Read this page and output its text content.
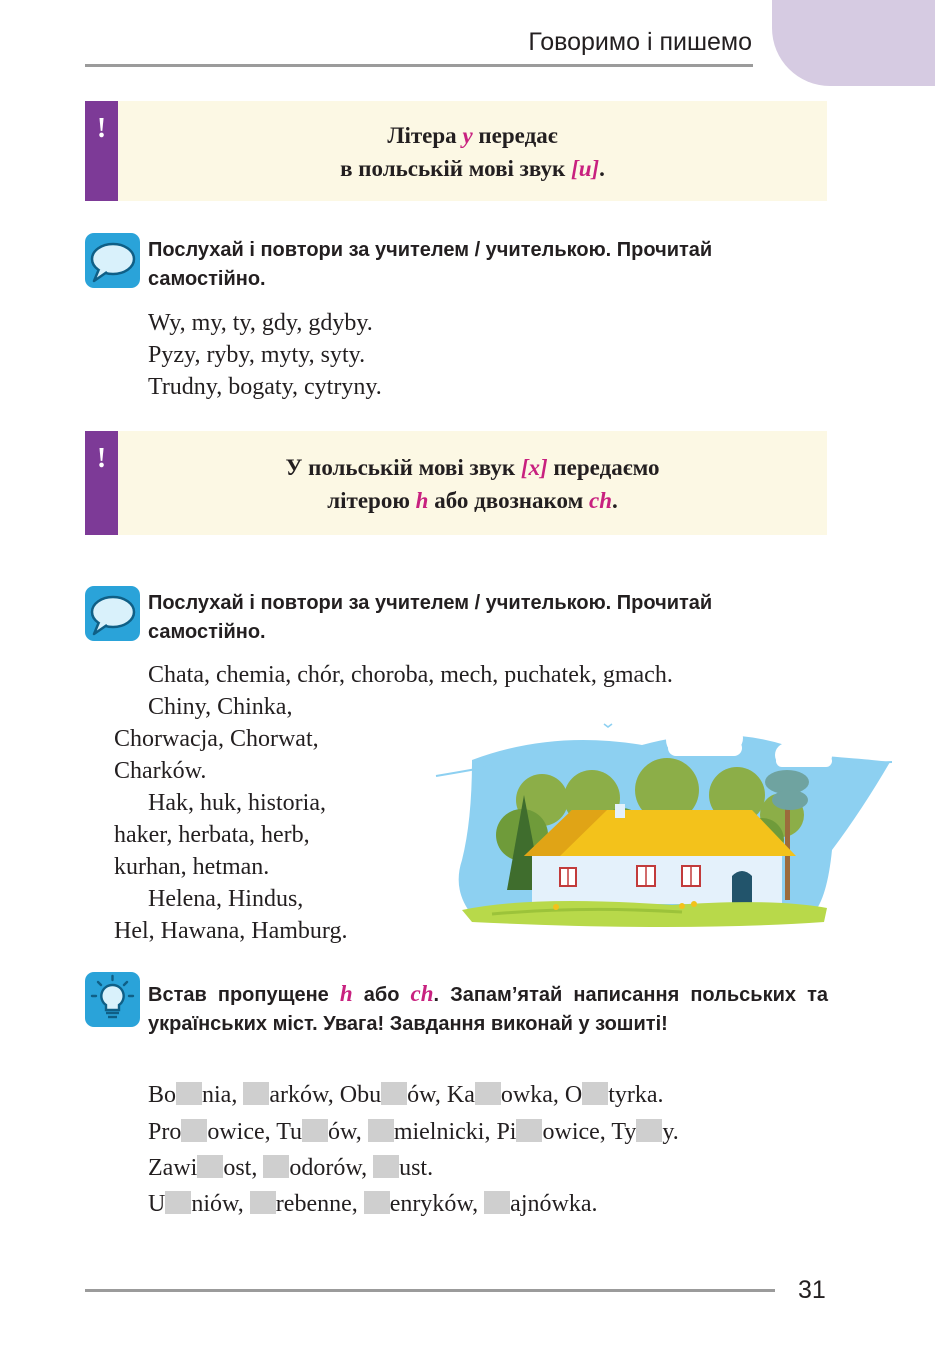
Говоримо і пишемо
!	Літера y передає
в польській мові звук [и].
Послухай і повтори за учителем / учителькою. Прочитай самостійно.
Wy, my, ty, gdy, gdyby.
Pyzy, ryby, myty, syty.
Trudny, bogaty, cytryny.
!	У польській мові звук [х] передаємо
літерою h або двознаком ch.
Послухай і повтори за учителем / учителькою. Прочитай самостійно.
Chata, chemia, chór, choroba, mech, puchatek, gmach.
Chiny, Chinka,
Chorwacja, Chorwat,
Charków.
Hak, huk, historia,
haker, herbata, herb,
kurhan, hetman.
Helena, Hindus,
Hel, Hawana, Hamburg.
Встав пропущене h або ch. Запам’ятай написання польських та українських міст. Увага! Завдання виконай у зошиті!
Bo nia, arków, Obu ów, Ka owka, O tyrka.
Pro owice, Tu ów, mielnicki, Pi owice, Ty y.
Zawi ost, odorów, ust.
U niów, rebenne, enryków, ajnówka.
31
